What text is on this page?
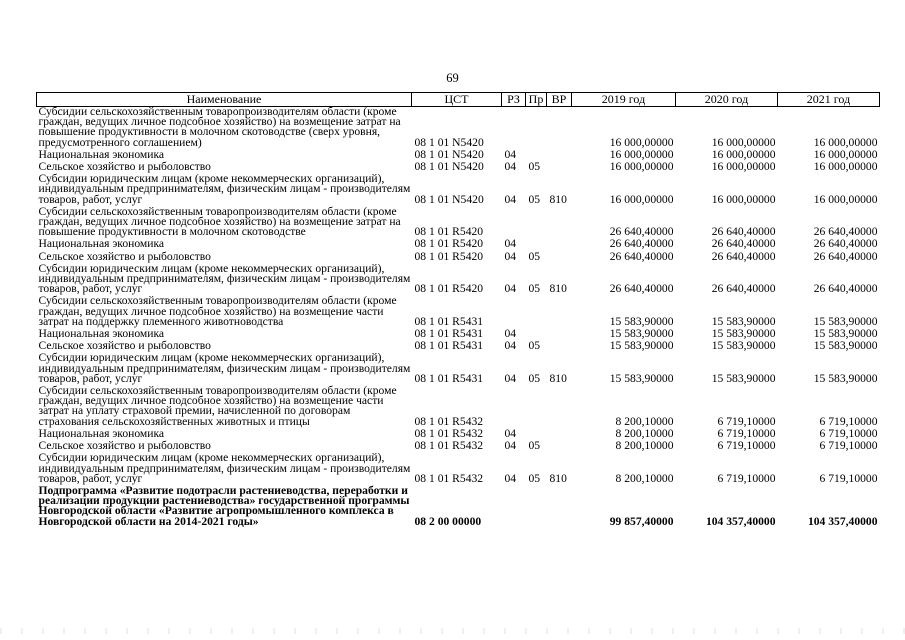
69
Наименование	ЦСТ	РЗ	Пр	ВР	2019 год	2020 год	2021 год
Субсидии сельскохозяйственным товаропроизводителям области (кроме граждан, ведущих личное подсобное хозяйство) на возмещение затрат на повышение продуктивности в молочном скотоводстве (сверх уровня, предусмотренного соглашением)	08 1 01 N5420				16 000,00000	16 000,00000	16 000,00000
Национальная экономика	08 1 01 N5420	04			16 000,00000	16 000,00000	16 000,00000
Сельское хозяйство и рыболовство	08 1 01 N5420	04	05		16 000,00000	16 000,00000	16 000,00000
Субсидии юридическим лицам (кроме некоммерческих организаций), индивидуальным предпринимателям, физическим лицам - производителям товаров, работ, услуг	08 1 01 N5420	04	05	810	16 000,00000	16 000,00000	16 000,00000
Субсидии сельскохозяйственным товаропроизводителям области (кроме граждан, ведущих личное подсобное хозяйство) на возмещение затрат на повышение продуктивности в молочном скотоводстве	08 1 01 R5420				26 640,40000	26 640,40000	26 640,40000
Национальная экономика	08 1 01 R5420	04			26 640,40000	26 640,40000	26 640,40000
Сельское хозяйство и рыболовство	08 1 01 R5420	04	05		26 640,40000	26 640,40000	26 640,40000
Субсидии юридическим лицам (кроме некоммерческих организаций), индивидуальным предпринимателям, физическим лицам - производителям товаров, работ, услуг	08 1 01 R5420	04	05	810	26 640,40000	26 640,40000	26 640,40000
Субсидии сельскохозяйственным товаропроизводителям области (кроме граждан, ведущих личное подсобное хозяйство) на возмещение части затрат на поддержку племенного животноводства	08 1 01 R5431				15 583,90000	15 583,90000	15 583,90000
Национальная экономика	08 1 01 R5431	04			15 583,90000	15 583,90000	15 583,90000
Сельское хозяйство и рыболовство	08 1 01 R5431	04	05		15 583,90000	15 583,90000	15 583,90000
Субсидии юридическим лицам (кроме некоммерческих организаций), индивидуальным предпринимателям, физическим лицам - производителям товаров, работ, услуг	08 1 01 R5431	04	05	810	15 583,90000	15 583,90000	15 583,90000
Субсидии сельскохозяйственным товаропроизводителям области (кроме граждан, ведущих личное подсобное хозяйство) на возмещение части затрат на уплату страховой премии, начисленной по договорам страхования сельскохозяйственных животных и птицы	08 1 01 R5432				8 200,10000	6 719,10000	6 719,10000
Национальная экономика	08 1 01 R5432	04			8 200,10000	6 719,10000	6 719,10000
Сельское хозяйство и рыболовство	08 1 01 R5432	04	05		8 200,10000	6 719,10000	6 719,10000
Субсидии юридическим лицам (кроме некоммерческих организаций), индивидуальным предпринимателям, физическим лицам - производителям товаров, работ, услуг	08 1 01 R5432	04	05	810	8 200,10000	6 719,10000	6 719,10000
Подпрограмма «Развитие подотрасли растениеводства, переработки и реализации продукции растениеводства» государственной программы Новгородской области «Развитие агропромышленного комплекса в Новгородской области на 2014-2021 годы»	08 2 00 00000				99 857,40000	104 357,40000	104 357,40000
